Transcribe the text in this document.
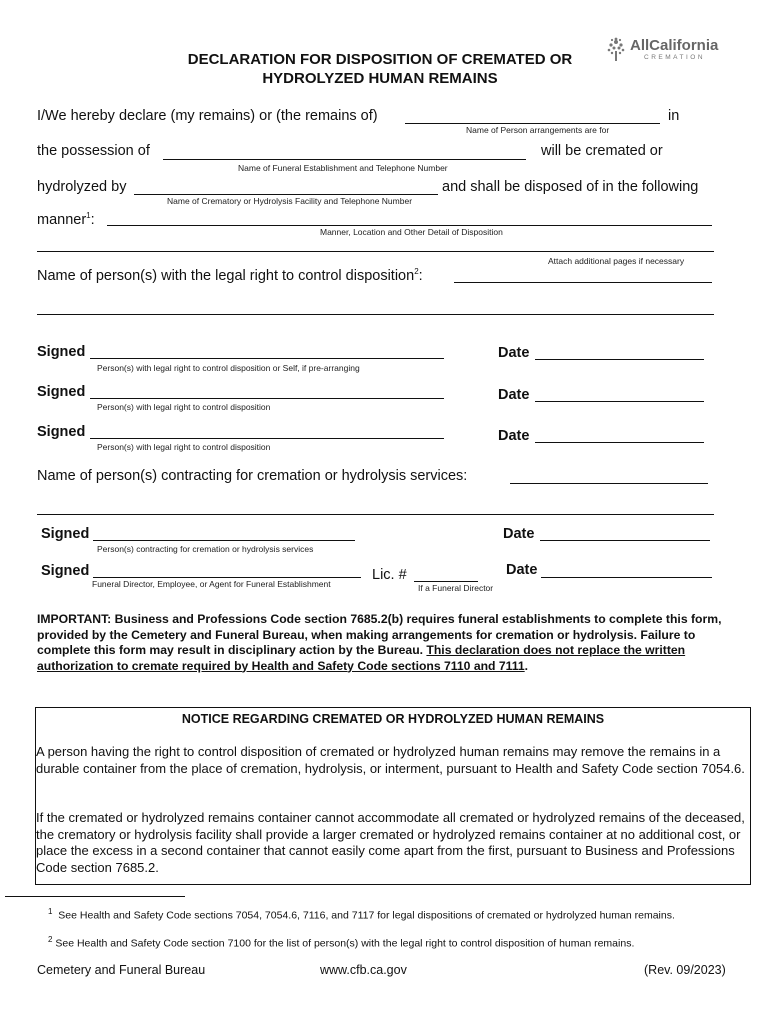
AllCalifornia
CREMATION
DECLARATION FOR DISPOSITION OF CREMATED OR
HYDROLYZED HUMAN REMAINS
I/We hereby declare (my remains) or (the remains of)	in
Name of Person arrangements are for
the possession of	will be cremated or
Name of Funeral Establishment and Telephone Number
hydrolyzed by	and shall be disposed of in the following
Name of Crematory or Hydrolysis Facility and Telephone Number
manner$^1$:
Manner, Location and Other Detail of Disposition
Attach additional pages if necessary
Name of person(s) with the legal right to control disposition$^2$:
Signed
Person(s) with legal right to control disposition or Self, if pre-arranging
Date
Signed
Person(s) with legal right to control disposition
Date
Signed
Person(s) with legal right to control disposition
Date
Name of person(s) contracting for cremation or hydrolysis services:
Signed
Person(s) contracting for cremation or hydrolysis services
Date
Signed
Funeral Director, Employee, or Agent for Funeral Establishment
Lic. #
If a Funeral Director
Date
IMPORTANT: Business and Professions Code section 7685.2(b) requires funeral establishments to complete this form, provided by the Cemetery and Funeral Bureau, when making arrangements for cremation or hydrolysis. Failure to complete this form may result in disciplinary action by the Bureau. This declaration does not replace the written authorization to cremate required by Health and Safety Code sections 7110 and 7111.
NOTICE REGARDING CREMATED OR HYDROLYZED HUMAN REMAINS
A person having the right to control disposition of cremated or hydrolyzed human remains may remove the remains in a durable container from the place of cremation, hydrolysis, or interment, pursuant to Health and Safety Code section 7054.6.
If the cremated or hydrolyzed remains container cannot accommodate all cremated or hydrolyzed remains of the deceased, the crematory or hydrolysis facility shall provide a larger cremated or hydrolyzed remains container at no additional cost, or place the excess in a second container that cannot easily come apart from the first, pursuant to Business and Professions Code section 7685.2.
$^1$ See Health and Safety Code sections 7054, 7054.6, 7116, and 7117 for legal dispositions of cremated or hydrolyzed human remains.
$^2$ See Health and Safety Code section 7100 for the list of person(s) with the legal right to control disposition of human remains.
Cemetery and Funeral Bureau	www.cfb.ca.gov	(Rev. 09/2023)
